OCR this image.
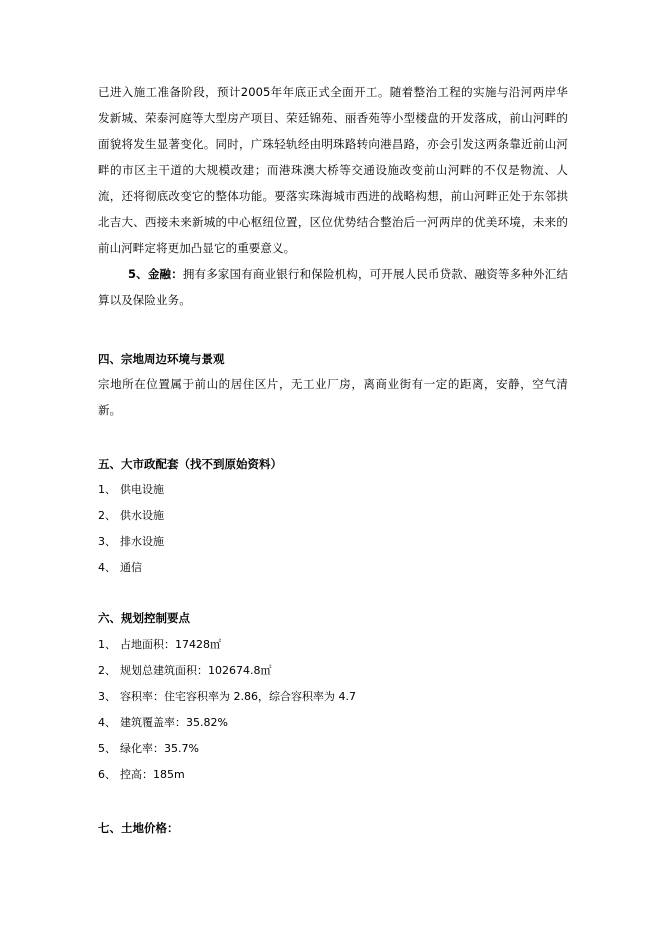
已进入施工准备阶段，预计2005年年底正式全面开工。随着整治工程的实施与沿河两岸华发新城、荣泰河庭等大型房产项目、荣廷锦苑、丽香苑等小型楼盘的开发落成，前山河畔的面貌将发生显著变化。同时，广珠轻轨经由明珠路转向港昌路，亦会引发这两条靠近前山河畔的市区主干道的大规模改建；而港珠澳大桥等交通设施改变前山河畔的不仅是物流、人流，还将彻底改变它的整体功能。要落实珠海城市西进的战略构想，前山河畔正处于东邻拱北吉大、西接未来新城的中心枢纽位置，区位优势结合整治后一河两岸的优美环境，未来的前山河畔定将更加凸显它的重要意义。

5、金融：拥有多家国有商业银行和保险机构，可开展人民币贷款、融资等多种外汇结算以及保险业务。

四、宗地周边环境与景观

宗地所在位置属于前山的居住区片，无工业厂房，离商业街有一定的距离，安静，空气清新。

五、大市政配套（找不到原始资料）
1、 供电设施
2、 供水设施
3、 排水设施
4、 通信
六、规划控制要点
1、 占地面积：17428㎡
2、 规划总建筑面积：102674.8㎡
3、 容积率：住宅容积率为 2.86，综合容积率为 4.7
4、 建筑覆盖率：35.82%
5、 绿化率：35.7%
6、 控高：185m
七、土地价格：
